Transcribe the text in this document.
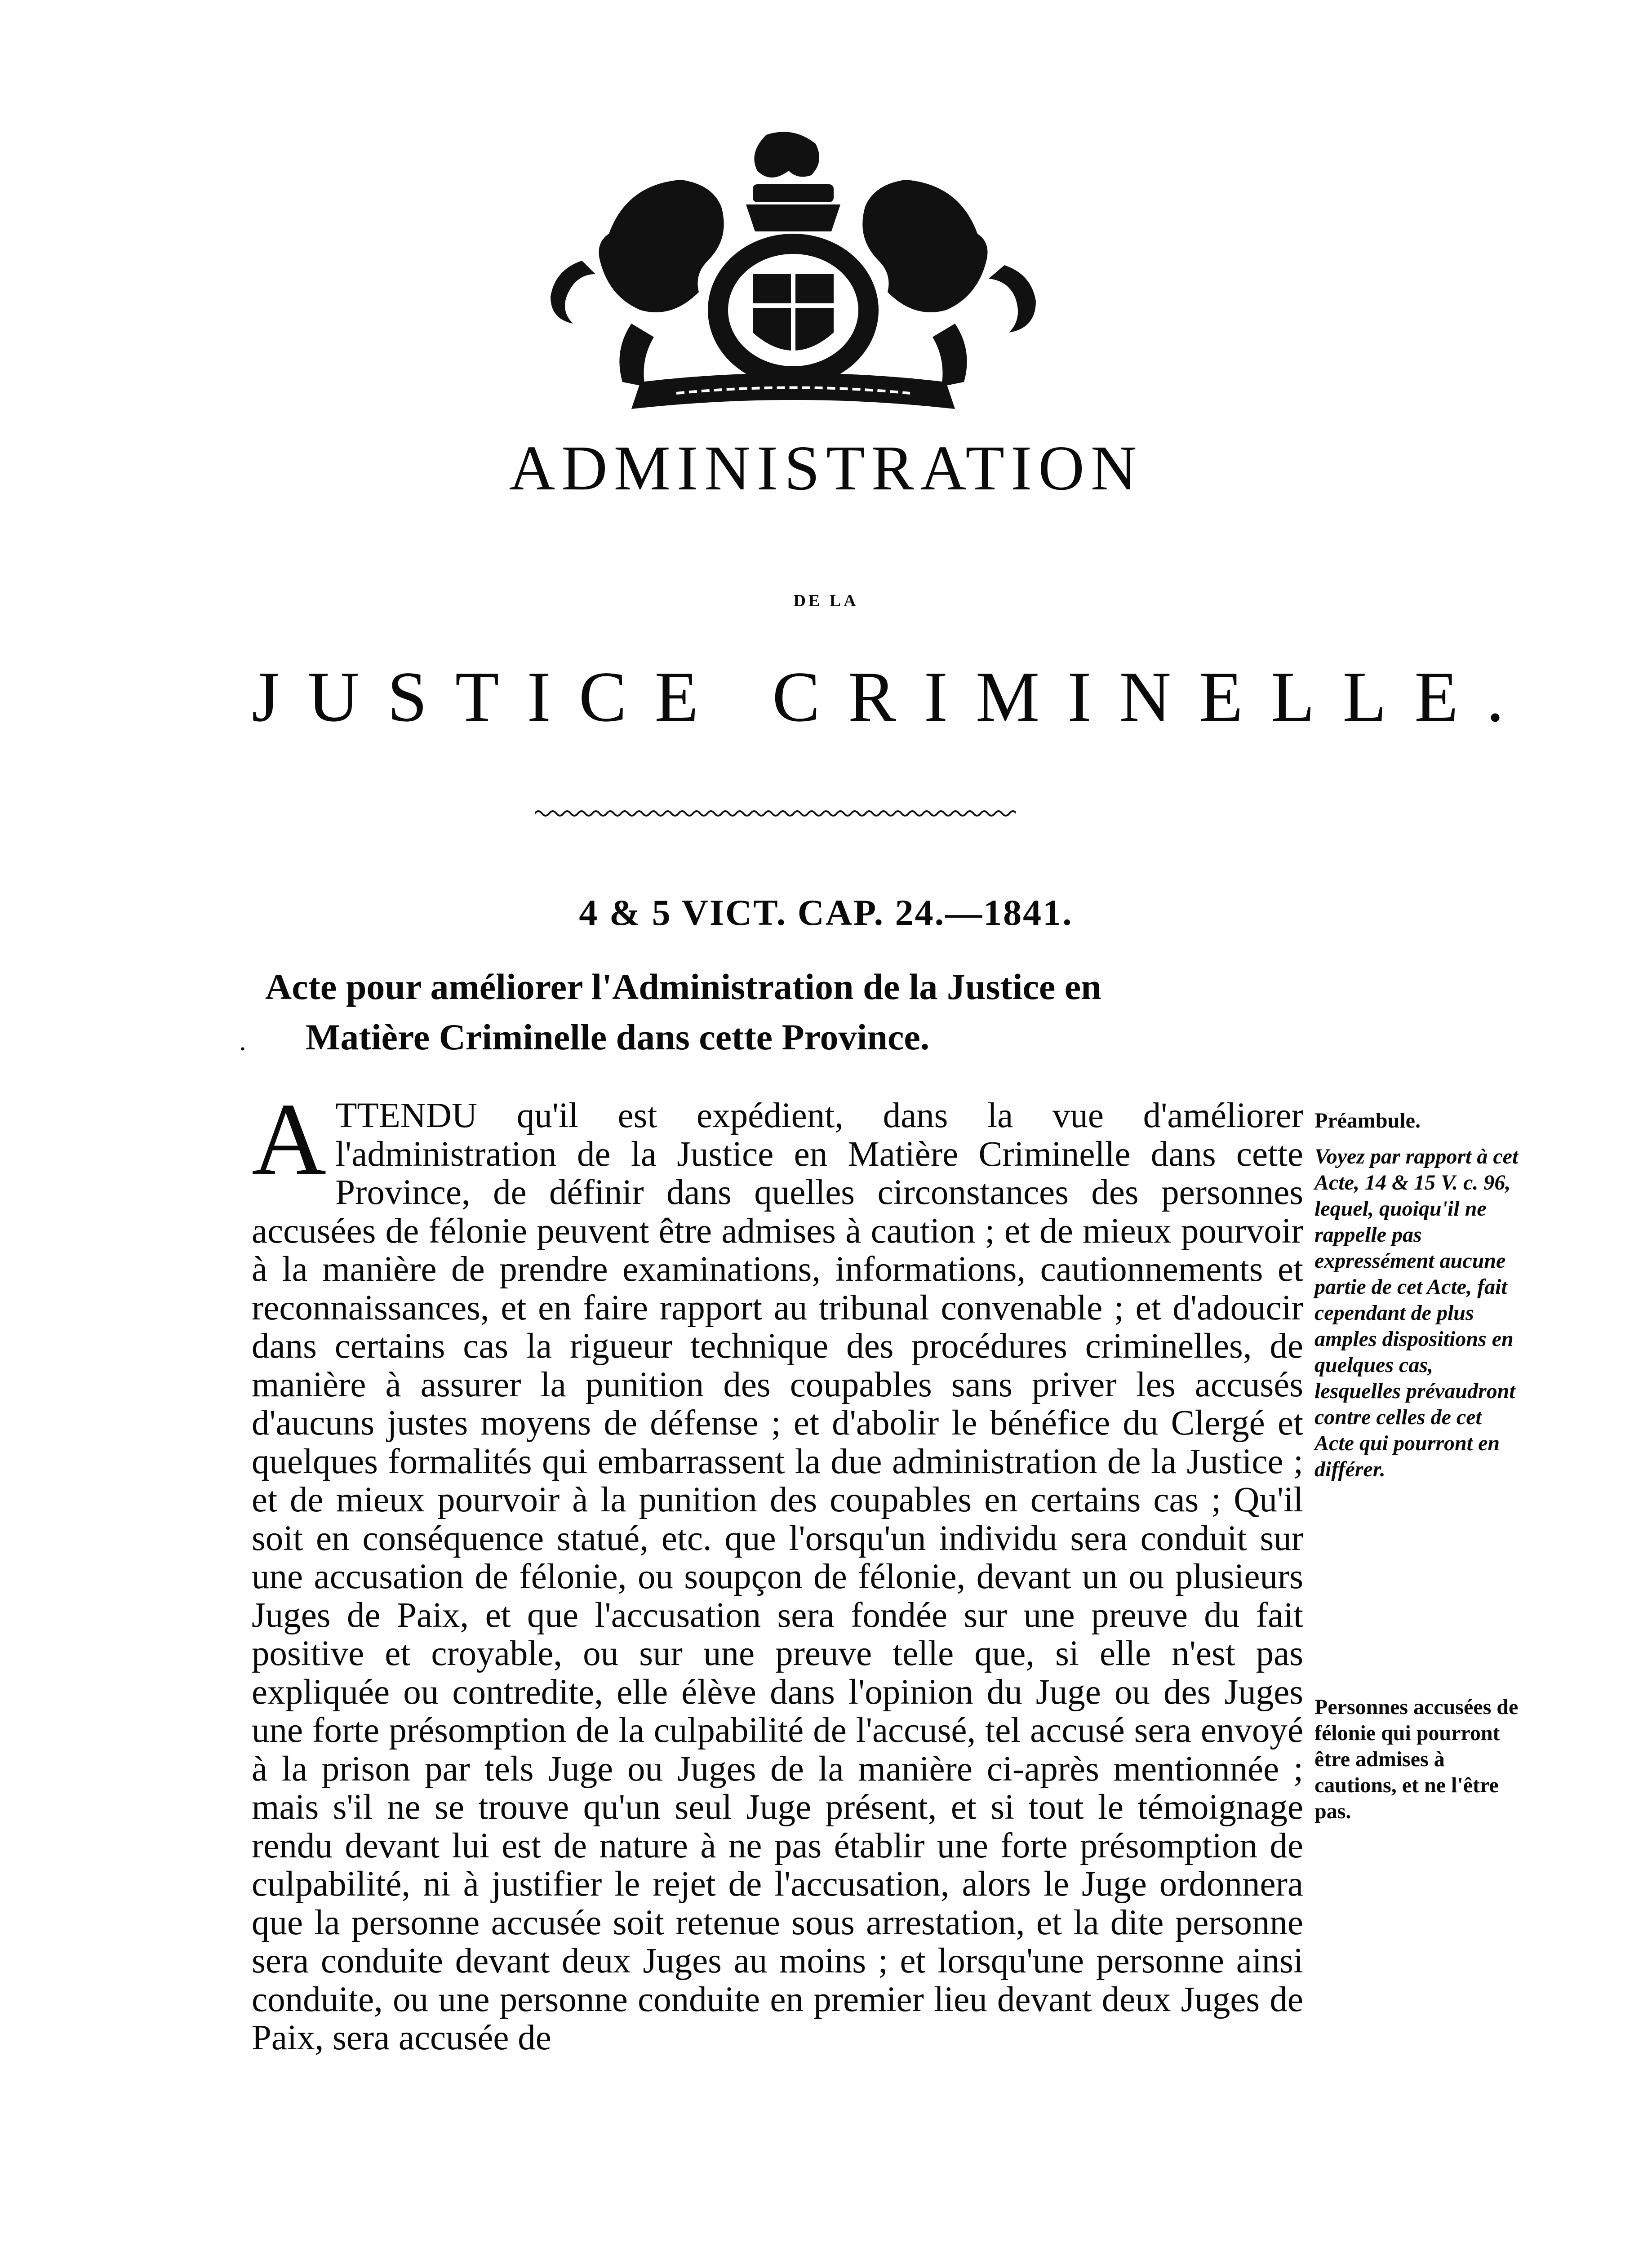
ADMINISTRATION
DE LA
JUSTICE CRIMINELLE.
4 & 5 VICT. CAP. 24.—1841.
Acte pour améliorer l'Administration de la Justice en
Matière Criminelle dans cette Province.
·
A TTENDU qu'il est expédient, dans la vue d'améliorer l'administration de la Justice en Matière Criminelle dans cette Province, de définir dans quelles circonstances des personnes accusées de félonie peuvent être admises à caution ; et de mieux pourvoir à la manière de prendre examinations, informations, cautionnements et reconnaissances, et en faire rapport au tribunal convenable ; et d'adoucir dans certains cas la rigueur technique des procédures criminelles, de manière à assurer la punition des coupables sans priver les accusés d'aucuns justes moyens de défense ; et d'abolir le bénéfice du Clergé et quelques formalités qui embarrassent la due administration de la Justice ; et de mieux pourvoir à la punition des coupables en certains cas ; Qu'il soit en conséquence statué, etc. que l'orsqu'un individu sera conduit sur une accusation de félonie, ou soupçon de félonie, devant un ou plusieurs Juges de Paix, et que l'accusation sera fondée sur une preuve du fait positive et croyable, ou sur une preuve telle que, si elle n'est pas expliquée ou contredite, elle élève dans l'opinion du Juge ou des Juges une forte présomption de la culpabilité de l'accusé, tel accusé sera envoyé à la prison par tels Juge ou Juges de la manière ci-après mentionnée ; mais s'il ne se trouve qu'un seul Juge présent, et si tout le témoignage rendu devant lui est de nature à ne pas établir une forte présomption de culpabilité, ni à justifier le rejet de l'accusation, alors le Juge ordonnera que la personne accusée soit retenue sous arrestation, et la dite personne sera conduite devant deux Juges au moins ; et lorsqu'une personne ainsi conduite, ou une personne conduite en premier lieu devant deux Juges de Paix, sera accusée de
Préambule.
Voyez par rapport à cet Acte, 14 & 15 V. c. 96, lequel, quoiqu'il ne rappelle pas expressément aucune partie de cet Acte, fait cependant de plus amples dispositions en quelques cas, lesquelles prévaudront contre celles de cet Acte qui pourront en différer.
Personnes accusées de félonie qui pourront être admises à cautions, et ne l'être pas.
